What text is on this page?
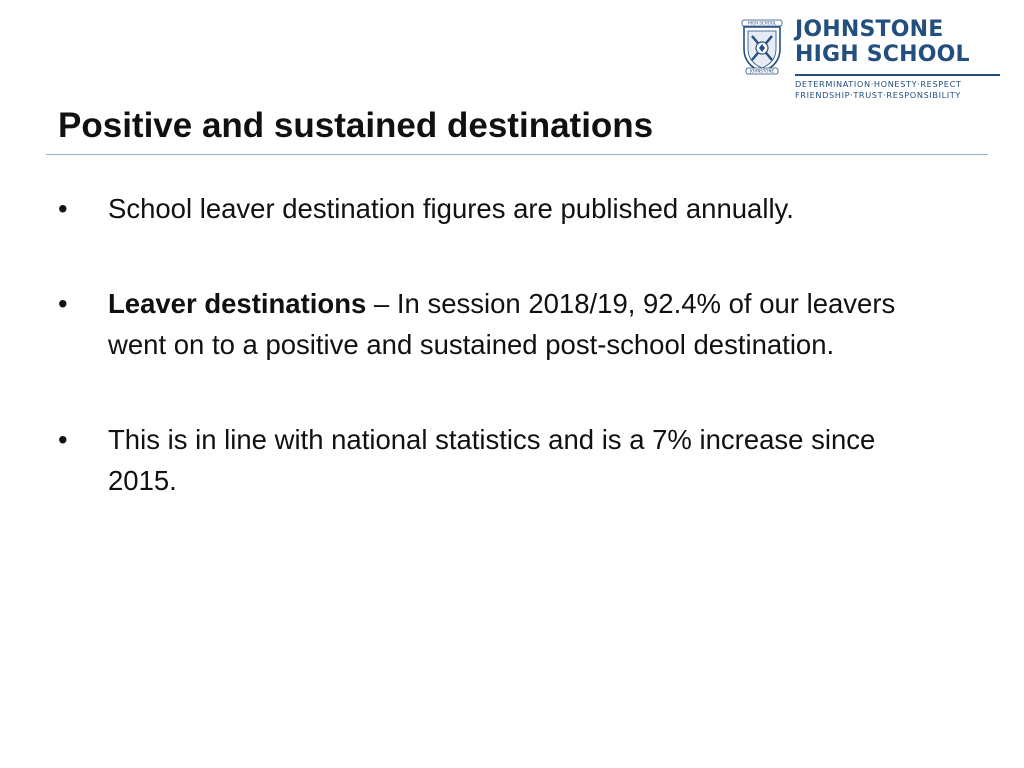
HIGH SCHOOL
JOHNSTONE
JOHNSTONE
HIGH SCHOOL
DETERMINATION·HONESTY·RESPECT
FRIENDSHIP·TRUST·RESPONSIBILITY
Positive and sustained destinations
• School leaver destination figures are published annually.
• Leaver destinations – In session 2018/19, 92.4% of our leavers went on to a positive and sustained post-school destination.
• This is in line with national statistics and is a 7% increase since 2015.
